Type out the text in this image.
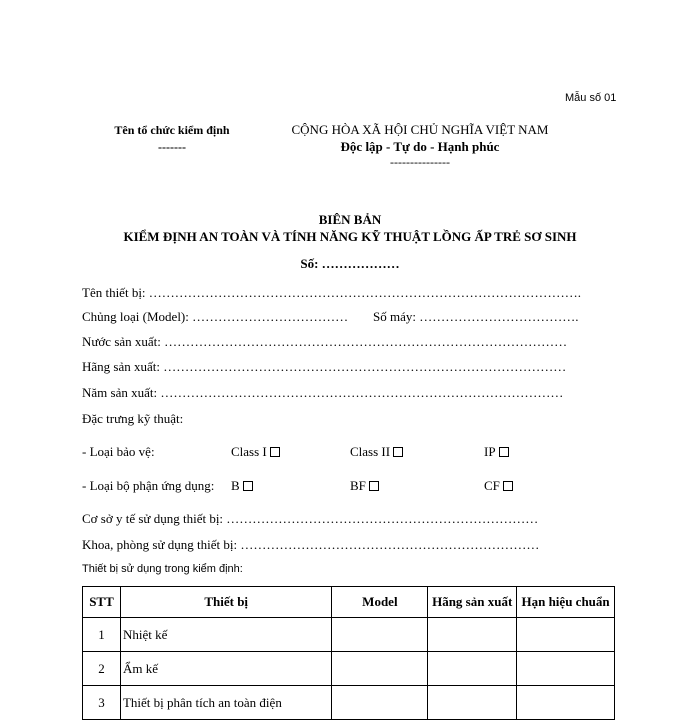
Mẫu số 01
Tên tổ chức kiểm định
-------
CỘNG HÒA XÃ HỘI CHỦ NGHĨA VIỆT NAM
Độc lập - Tự do - Hạnh phúc
---------------
BIÊN BẢN
KIỂM ĐỊNH AN TOÀN VÀ TÍNH NĂNG KỸ THUẬT LỒNG ẤP TRẺ SƠ SINH
Số: ………………
Tên thiết bị: ……………………………………………………………………………………….
Chủng loại (Model): ……………………………… Số máy: ……………………………….
Nước sản xuất: …………………………………………………………………………………
Hãng sản xuất: …………………………………………………………………………………
Năm sản xuất: …………………………………………………………………………………
Đặc trưng kỹ thuật:
- Loại bảo vệ:	Class I	Class II	IP
- Loại bộ phận ứng dụng: B	BF	CF
Cơ sở y tế sử dụng thiết bị: ………………………………………………………………
Khoa, phòng sử dụng thiết bị: ……………………………………………………………
Thiết bị sử dụng trong kiểm định:
STT	Thiết bị	Model	Hãng sản xuất	Hạn hiệu chuẩn
1	Nhiệt kế			
2	Ẩm kế			
3	Thiết bị phân tích an toàn điện			
